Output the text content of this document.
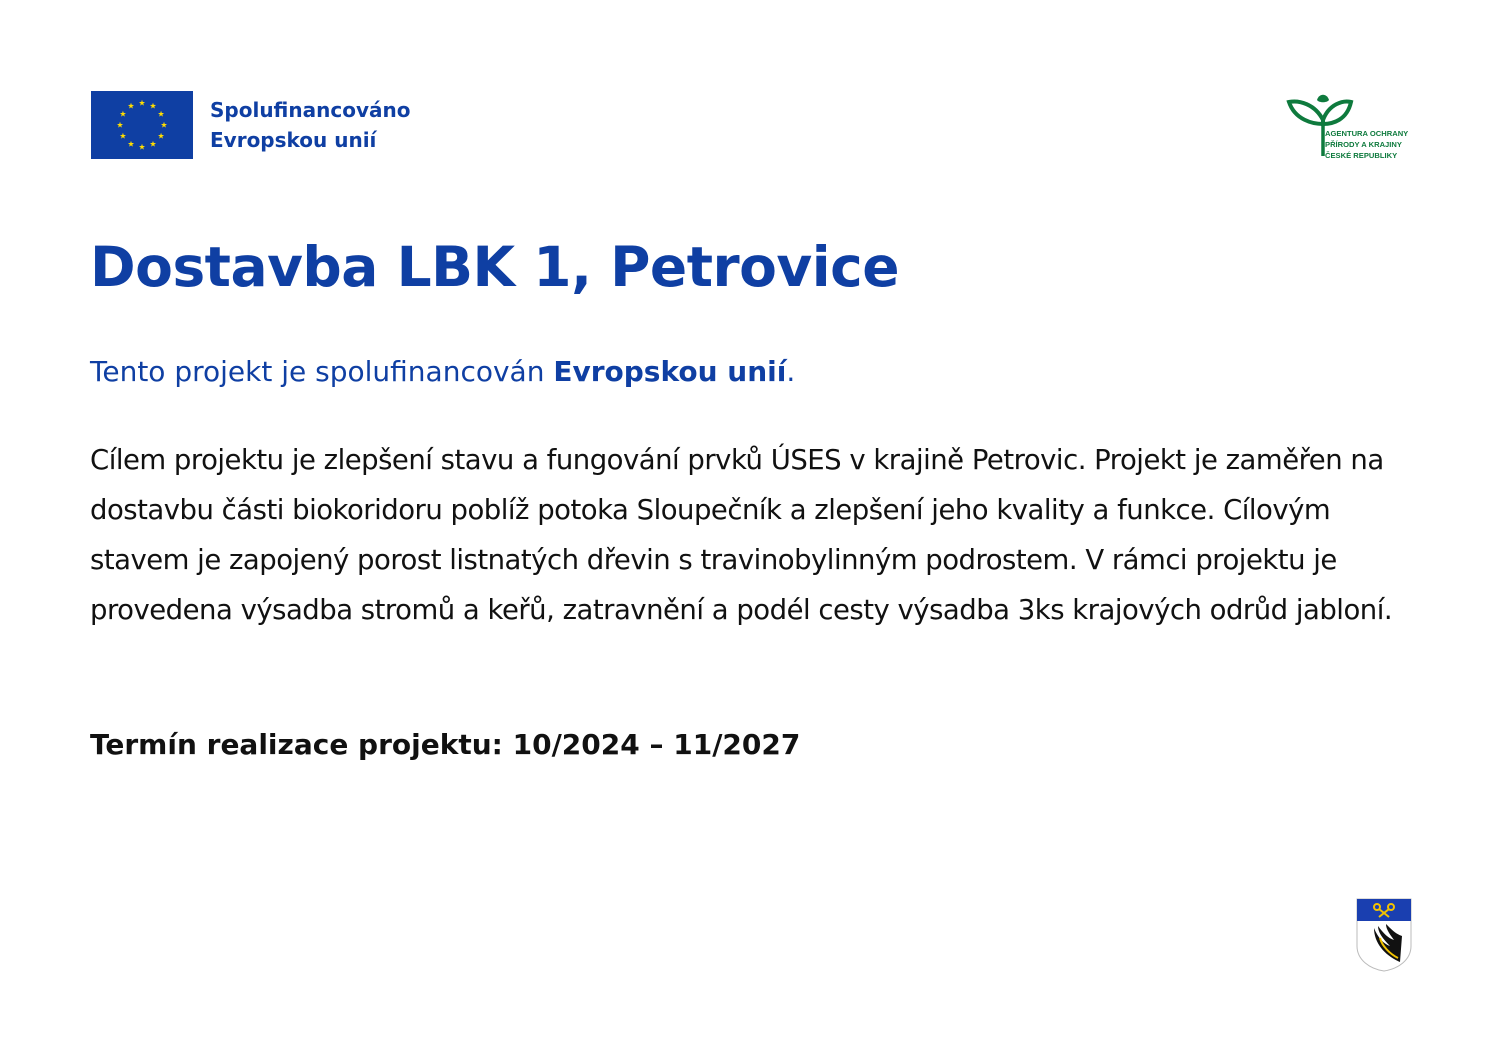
Spolufinancováno
Evropskou unií	AGENTURA OCHRANY
PŘÍRODY A KRAJINY
ČESKÉ REPUBLIKY
Dostavba LBK 1, Petrovice
Tento projekt je spolufinancován Evropskou unií.

Cílem projektu je zlepšení stavu a fungování prvků ÚSES v krajině Petrovic. Projekt je zaměřen na dostavbu části biokoridoru poblíž potoka Sloupečník a zlepšení jeho kvality a funkce. Cílovým stavem je zapojený porost listnatých dřevin s travinobylinným podrostem. V rámci projektu je provedena výsadba stromů a keřů, zatravnění a podél cesty výsadba 3ks krajových odrůd jabloní.

Termín realizace projektu: 10/2024 – 11/2027
